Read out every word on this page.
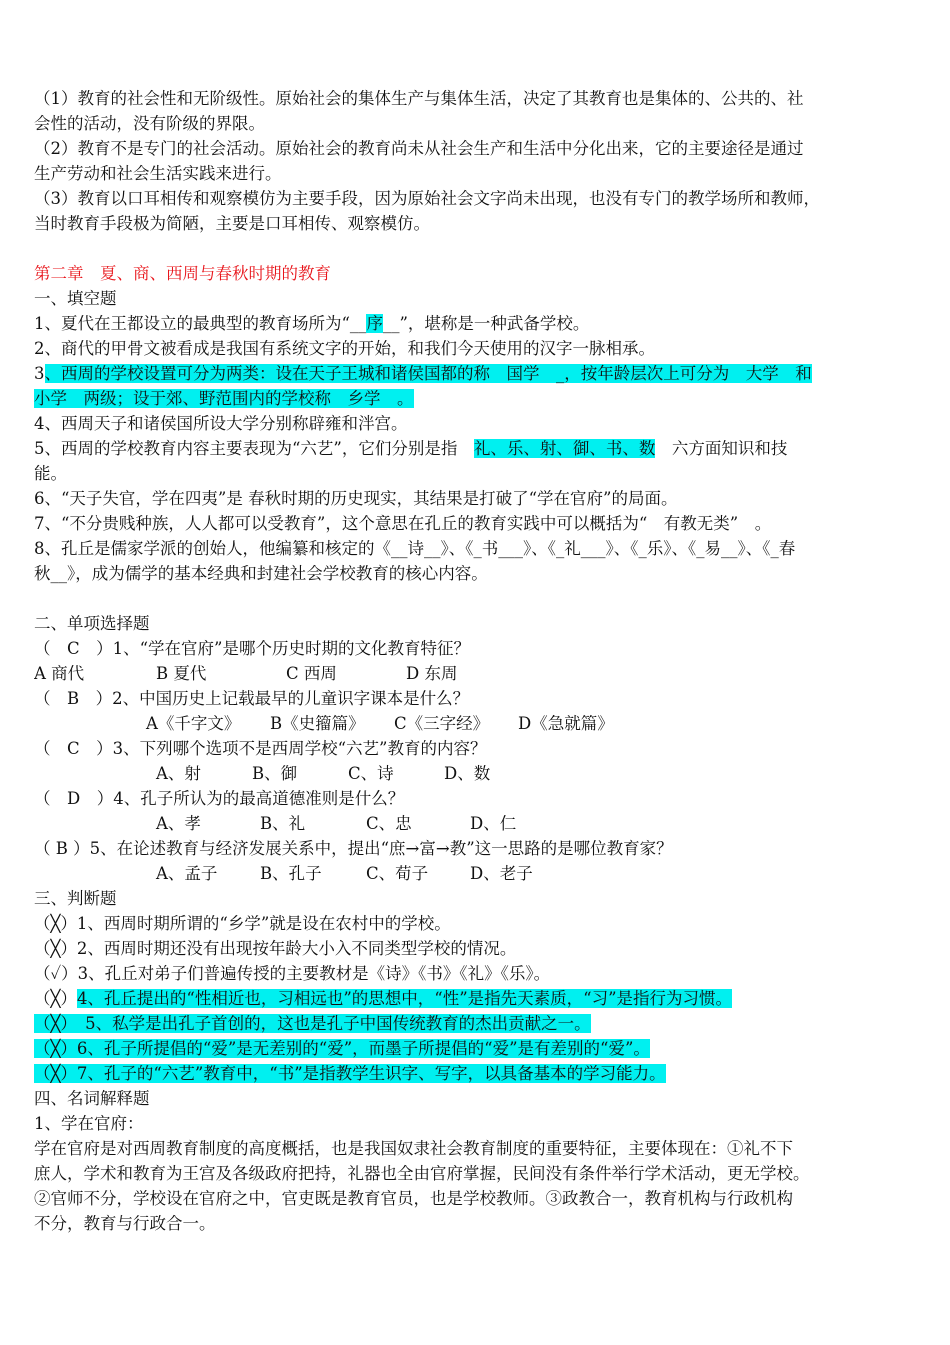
（1）教育的社会性和无阶级性。原始社会的集体生产与集体生活，决定了其教育也是集体的、公共的、社
会性的活动，没有阶级的界限。
（2）教育不是专门的社会活动。原始社会的教育尚未从社会生产和生活中分化出来，它的主要途径是通过
生产劳动和社会生活实践来进行。
（3）教育以口耳相传和观察模仿为主要手段，因为原始社会文字尚未出现，也没有专门的教学场所和教师，
当时教育手段极为简陋，主要是口耳相传、观察模仿。
第二章　夏、商、西周与春秋时期的教育
一、填空题
1、夏代在王都设立的最典型的教育场所为“__序__”，堪称是一种武备学校。
2、商代的甲骨文被看成是我国有系统文字的开始，和我们今天使用的汉字一脉相承。
3、西周的学校设置可分为两类：设在天子王城和诸侯国都的称　国学　_，按年龄层次上可分为　大学　和
小学　两级；设于郊、野范围内的学校称　乡学　。
4、西周天子和诸侯国所设大学分别称辟雍和泮宫。
5、西周的学校教育内容主要表现为“六艺”，它们分别是指　礼、乐、射、御、书、数　六方面知识和技
能。
6、“天子失官，学在四夷”是 春秋时期的历史现实，其结果是打破了“学在官府”的局面。
7、“不分贵贱种族，人人都可以受教育”，这个意思在孔丘的教育实践中可以概括为“　有教无类”　。
8、孔丘是儒家学派的创始人，他编纂和核定的《__诗__》、《_书___》、《_礼___》、《_乐》、《_易__》、《_春
秋__》，成为儒学的基本经典和封建社会学校教育的核心内容。
二、单项选择题
（　C　）1、“学在官府”是哪个历史时期的文化教育特征？
A 商代	B 夏代	C 西周	D 东周
（　B　）2、中国历史上记载最早的儿童识字课本是什么？
A《千字文》 B《史籀篇》 C《三字经》 D《急就篇》
（　C　）3、下列哪个选项不是西周学校“六艺”教育的内容？
A、射	B、御	C、诗	D、数
（　D　）4、孔子所认为的最高道德准则是什么？
A、孝	B、礼	C、忠	D、仁
（ B ）5、在论述教育与经济发展关系中，提出“庶→富→教”这一思路的是哪位教育家？
A、孟子	B、孔子	C、荀子	D、老子
三、判断题
（╳）1、西周时期所谓的“乡学”就是设在农村中的学校。
（╳）2、西周时期还没有出现按年龄大小入不同类型学校的情况。
（✓）3、孔丘对弟子们普遍传授的主要教材是《诗》《书》《礼》《乐》。
（╳）4、孔丘提出的“性相近也，习相远也”的思想中，“性”是指先天素质，“习”是指行为习惯。
（╳）　5、私学是出孔子首创的，这也是孔子中国传统教育的杰出贡献之一。
（╳）6、孔子所提倡的“爱”是无差别的“爱”，而墨子所提倡的“爱”是有差别的“爱”。
（╳）7、孔子的“六艺”教育中，“书”是指教学生识字、写字，以具备基本的学习能力。
四、名词解释题
1、学在官府：
学在官府是对西周教育制度的高度概括，也是我国奴隶社会教育制度的重要特征，主要体现在：①礼不下
庶人，学术和教育为王宫及各级政府把持，礼器也全由官府掌握，民间没有条件举行学术活动，更无学校。
②官师不分，学校设在官府之中，官吏既是教育官员，也是学校教师。③政教合一，教育机构与行政机构
不分，教育与行政合一。
